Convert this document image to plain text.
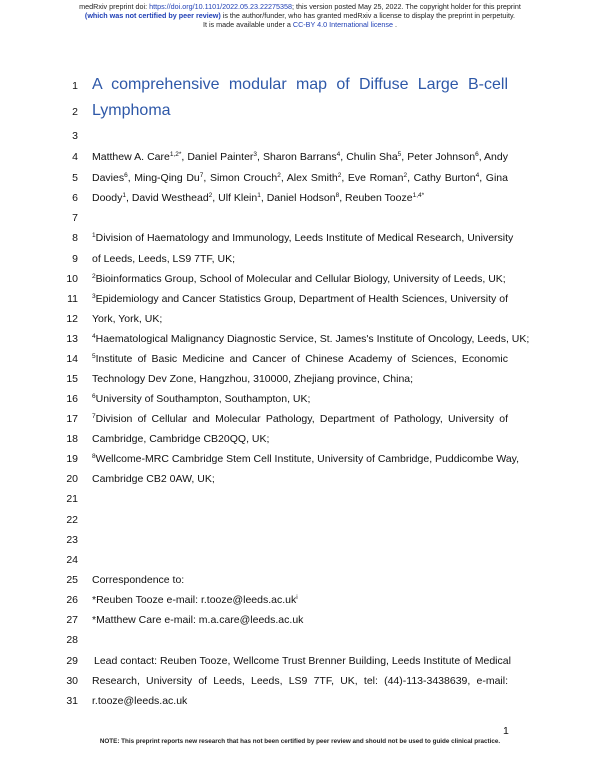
medRxiv preprint doi: https://doi.org/10.1101/2022.05.23.22275358; this version posted May 25, 2022. The copyright holder for this preprint
(which was not certified by peer review) is the author/funder, who has granted medRxiv a license to display the preprint in perpetuity.
It is made available under a CC-BY 4.0 International license .
1
2
3
4
5
6
7
8
9
10
11
12
13
14
15
16
17
18
19
20
21
22
23
24
25
26
27
28
29
30
31
A comprehensive modular map of Diffuse Large B-cell
Lymphoma
Matthew A. Care$^{1,2*}$, Daniel Painter$^3$, Sharon Barrans$^4$, Chulin Sha$^5$, Peter Johnson$^6$, Andy
Davies$^6$, Ming-Qing Du$^7$, Simon Crouch$^2$, Alex Smith$^2$, Eve Roman$^2$, Cathy Burton$^4$, Gina
Doody$^1$, David Westhead$^2$, Ulf Klein$^1$, Daniel Hodson$^8$, Reuben Tooze$^{1,4*}$
$^1$Division of Haematology and Immunology, Leeds Institute of Medical Research, University
of Leeds, Leeds, LS9 7TF, UK;
$^2$Bioinformatics Group, School of Molecular and Cellular Biology, University of Leeds, UK;
$^3$Epidemiology and Cancer Statistics Group, Department of Health Sciences, University of
York, York, UK;
$^4$Haematological Malignancy Diagnostic Service, St. James's Institute of Oncology, Leeds, UK;
$^5$Institute of Basic Medicine and Cancer of Chinese Academy of Sciences, Economic
Technology Dev Zone, Hangzhou, 310000, Zhejiang province, China;
$^6$University of Southampton, Southampton, UK;
$^7$Division of Cellular and Molecular Pathology, Department of Pathology, University of
Cambridge, Cambridge CB20QQ, UK;
$^8$Wellcome-MRC Cambridge Stem Cell Institute, University of Cambridge, Puddicombe Way,
Cambridge CB2 0AW, UK;
Correspondence to:
*Reuben Tooze e-mail: $r.tooze@leeds.ac.uk^i$
*Matthew Care e-mail: m.a.care@leeds.ac.uk
Lead contact: Reuben Tooze, Wellcome Trust Brenner Building, Leeds Institute of Medical
Research, University of Leeds, Leeds, LS9 7TF, UK, tel: (44)-113-3438639, e-mail:
r.tooze@leeds.ac.uk
1
NOTE: This preprint reports new research that has not been certified by peer review and should not be used to guide clinical practice.
